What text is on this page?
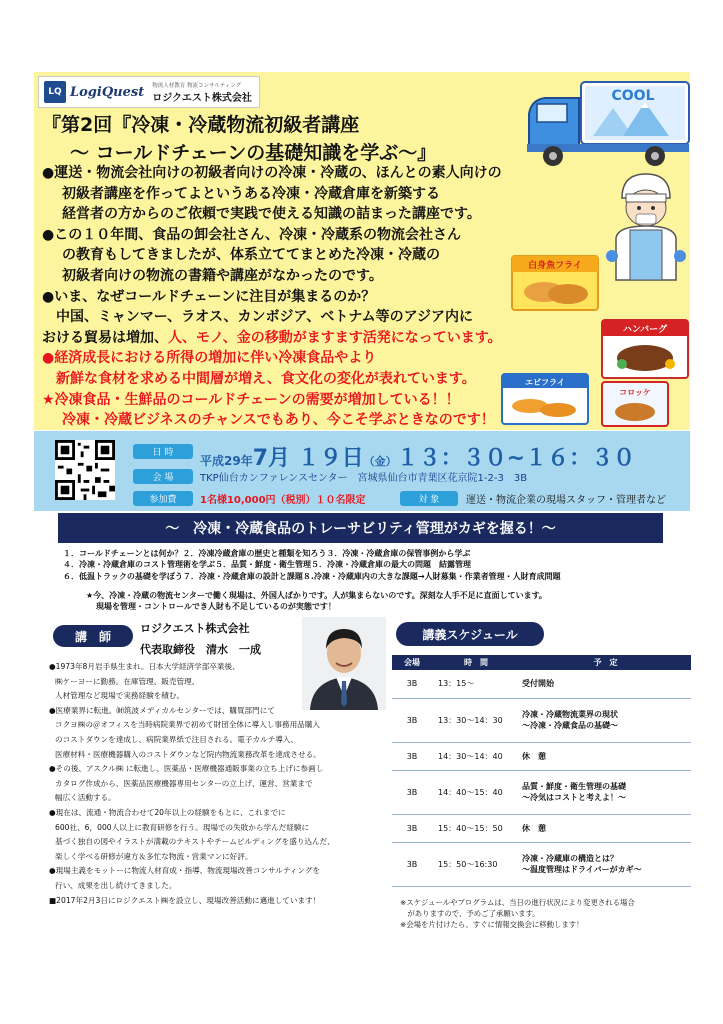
LQ LogiQuest 物流人材教育 物流コンサルティング
ロジクエスト株式会社
『第2回『冷凍・冷蔵物流初級者講座
～ コールドチェーンの基礎知識を学ぶ～』
COOL
白身魚フライ
ハンバーグ
エビフライ
コロッケ
●運送・物流会社向けの初級者向けの冷凍・冷蔵の、ほんとの素人向けの
初級者講座を作ってよというある冷凍・冷蔵倉庫を新築する
経営者の方からのご依頼で実践で使える知識の詰まった講座です。
●この１０年間、食品の卸会社さん、冷凍・冷蔵系の物流会社さん
の教育もしてきましたが、体系立ててまとめた冷凍・冷蔵の
初級者向けの物流の書籍や講座がなかったのです。
●いま、なぜコールドチェーンに注目が集まるのか？
中国、ミャンマー、ラオス、カンボジア、ベトナム等のアジア内に
おける貿易は増加、人、モノ、金の移動がますます活発になっています。
●経済成長における所得の増加に伴い冷凍食品やより
新鮮な食材を求める中間層が増え、食文化の変化が表れています。
★冷凍食品・生鮮品のコールドチェーンの需要が増加している！！
冷凍・冷蔵ビジネスのチャンスでもあり、今こそ学ぶときなのです！
日 時
平成29年7月 １９日（金）１３：３０~１６：３０
会 場	TKP仙台カンファレンスセンター　宮城県仙台市青葉区花京院1-2-3　3B
参加費	1名様10,000円（税別）１０名限定	対 象	運送・物流企業の現場スタッフ・管理者など
～　冷凍・冷蔵食品のトレーサビリティ管理がカギを握る！～
１．コールドチェーンとは何か？２．冷凍冷蔵倉庫の歴史と種類を知ろう３．冷凍・冷蔵倉庫の保管事例から学ぶ
４．冷凍・冷蔵倉庫のコスト管理術を学ぶ５．品質・鮮度・衛生管理５．冷凍・冷蔵倉庫の最大の問題　結露管理
６．低温トラックの基礎を学ぼう７．冷凍・冷蔵倉庫の設計と課題８.冷凍・冷蔵庫内の大きな課題→人財募集・作業者管理・人財育成問題
★今、冷凍・冷蔵の物流センターで働く現場は、外国人ばかりです。人が集まらないのです。深刻な人手不足に直面しています。
現場を管理・コントロールでき人財も不足しているのが実態です！
講　師
ロジクエスト株式会社
代表取締役　清水　一成
●1973年8月岩手県生まれ。日本大学経済学部卒業後、
㈱ケーヨーに勤務。在庫管理、販売管理、
人材管理など現場で実務経験を積む。
●医療業界に転進。㈶筑波メディカルセンターでは、購買部門にて
コクヨ㈱の＠オフィスを当時病院業界で初めて財団全体に導入し事務用品購入
のコストダウンを達成し、病院業界紙で注目される。電子カルテ導入、
医療材料・医療機器購入のコストダウンなど院内物流業務改革を達成させる。
●その後、アスクル㈱ に転進し、医薬品・医療機器通販事業の立ち上げに参画し
カタログ作成から、医薬品医療機器専用センターの立上げ、運営、営業まで
幅広く活動する。
●現在は、流通・物流合わせて20年以上の経験をもとに、これまでに
600社、6，000人以上に教育研修を行う。現場での失敗から学んだ経験に
基づく独自の図やイラストが満載のテキストやチームビルディングを盛り込んだ、
楽しく学べる研修が違方＆多忙な物流・営業マンに好評。
●現場主義をモットーに物流人材育成・指導、物流現場改善コンサルティングを
行い、成果を出し続けてきました。
■2017年2月3日にロジクエスト㈱を設立し、現場改善活動に邁進しています！
講義スケジュール
会場	時　間	予　定
3B	13：15～	受付開始

3B	13：30～14：30	冷凍・冷蔵物流業界の現状
～冷凍・冷蔵食品の基礎～

3B	14：30～14：40	休　憩

3B	14：40～15：40	品質・鮮度・衛生管理の基礎
～冷気はコストと考えよ！～

3B	15：40～15：50	休　憩

3B	15：50～16:30	冷凍・冷蔵庫の構造とは？
～温度管理はドライバーがカギ～
※スケジュールやプログラムは、当日の進行状況により変更される場合
　がありますので、予めご了承願います。
※会場を片付けたら、すぐに情報交換会に移動します！
